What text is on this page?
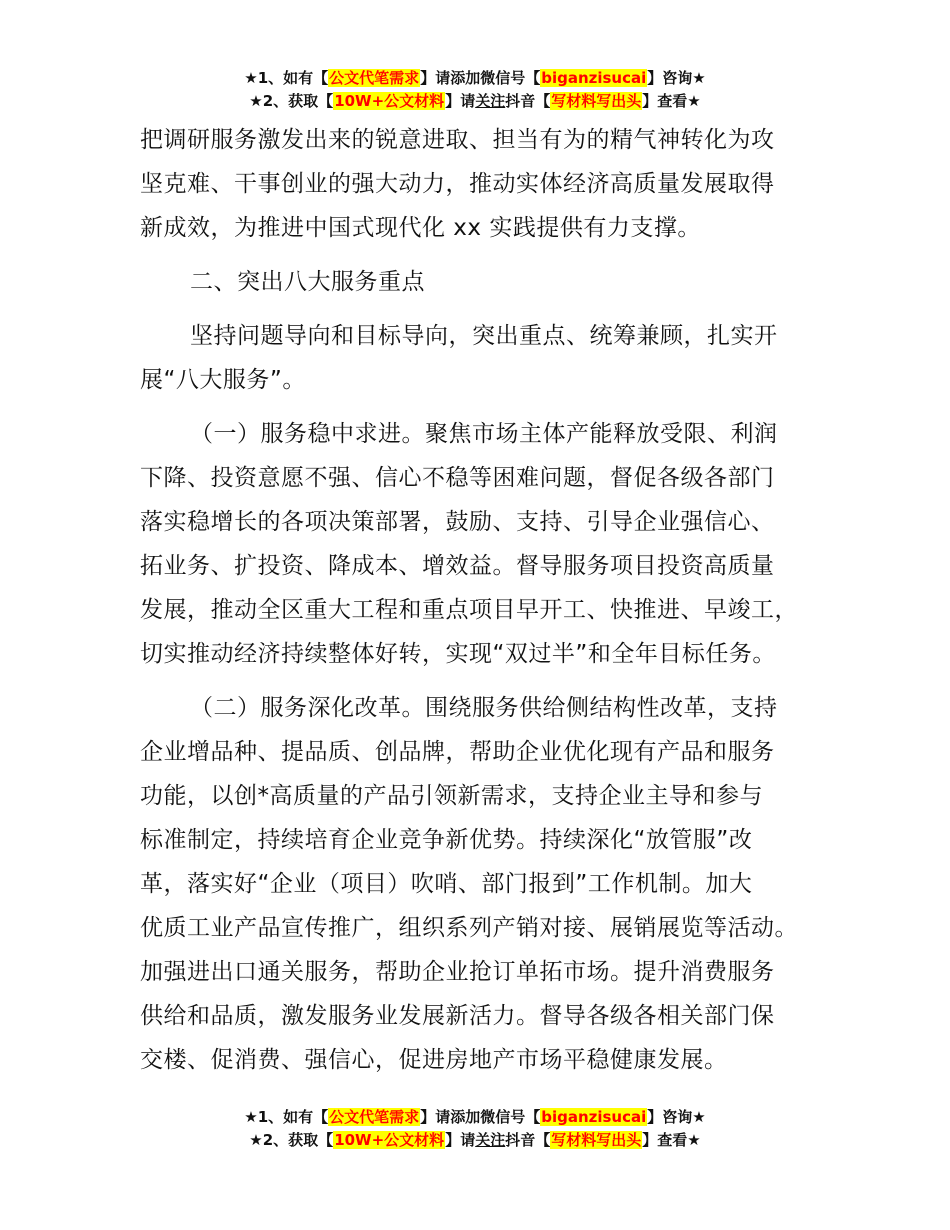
★1、如有【公文代笔需求】请添加微信号【biganzisucai】咨询★
★2、获取【10W+公文材料】请关注抖音【写材料写出头】查看★
把调研服务激发出来的锐意进取、担当有为的精气神转化为攻
坚克难、干事创业的强大动力，推动实体经济高质量发展取得
新成效，为推进中国式现代化 xx 实践提供有力支撑。
二、突出八大服务重点
坚持问题导向和目标导向，突出重点、统筹兼顾，扎实开
展“八大服务”。
（一）服务稳中求进。聚焦市场主体产能释放受限、利润
下降、投资意愿不强、信心不稳等困难问题，督促各级各部门
落实稳增长的各项决策部署，鼓励、支持、引导企业强信心、
拓业务、扩投资、降成本、增效益。督导服务项目投资高质量
发展，推动全区重大工程和重点项目早开工、快推进、早竣工，
切实推动经济持续整体好转，实现“双过半”和全年目标任务。
（二）服务深化改革。围绕服务供给侧结构性改革，支持
企业增品种、提品质、创品牌，帮助企业优化现有产品和服务
功能，以创*高质量的产品引领新需求，支持企业主导和参与
标准制定，持续培育企业竞争新优势。持续深化“放管服”改
革，落实好“企业（项目）吹哨、部门报到”工作机制。加大
优质工业产品宣传推广，组织系列产销对接、展销展览等活动。
加强进出口通关服务，帮助企业抢订单拓市场。提升消费服务
供给和品质，激发服务业发展新活力。督导各级各相关部门保
交楼、促消费、强信心，促进房地产市场平稳健康发展。
★1、如有【公文代笔需求】请添加微信号【biganzisucai】咨询★
★2、获取【10W+公文材料】请关注抖音【写材料写出头】查看★
